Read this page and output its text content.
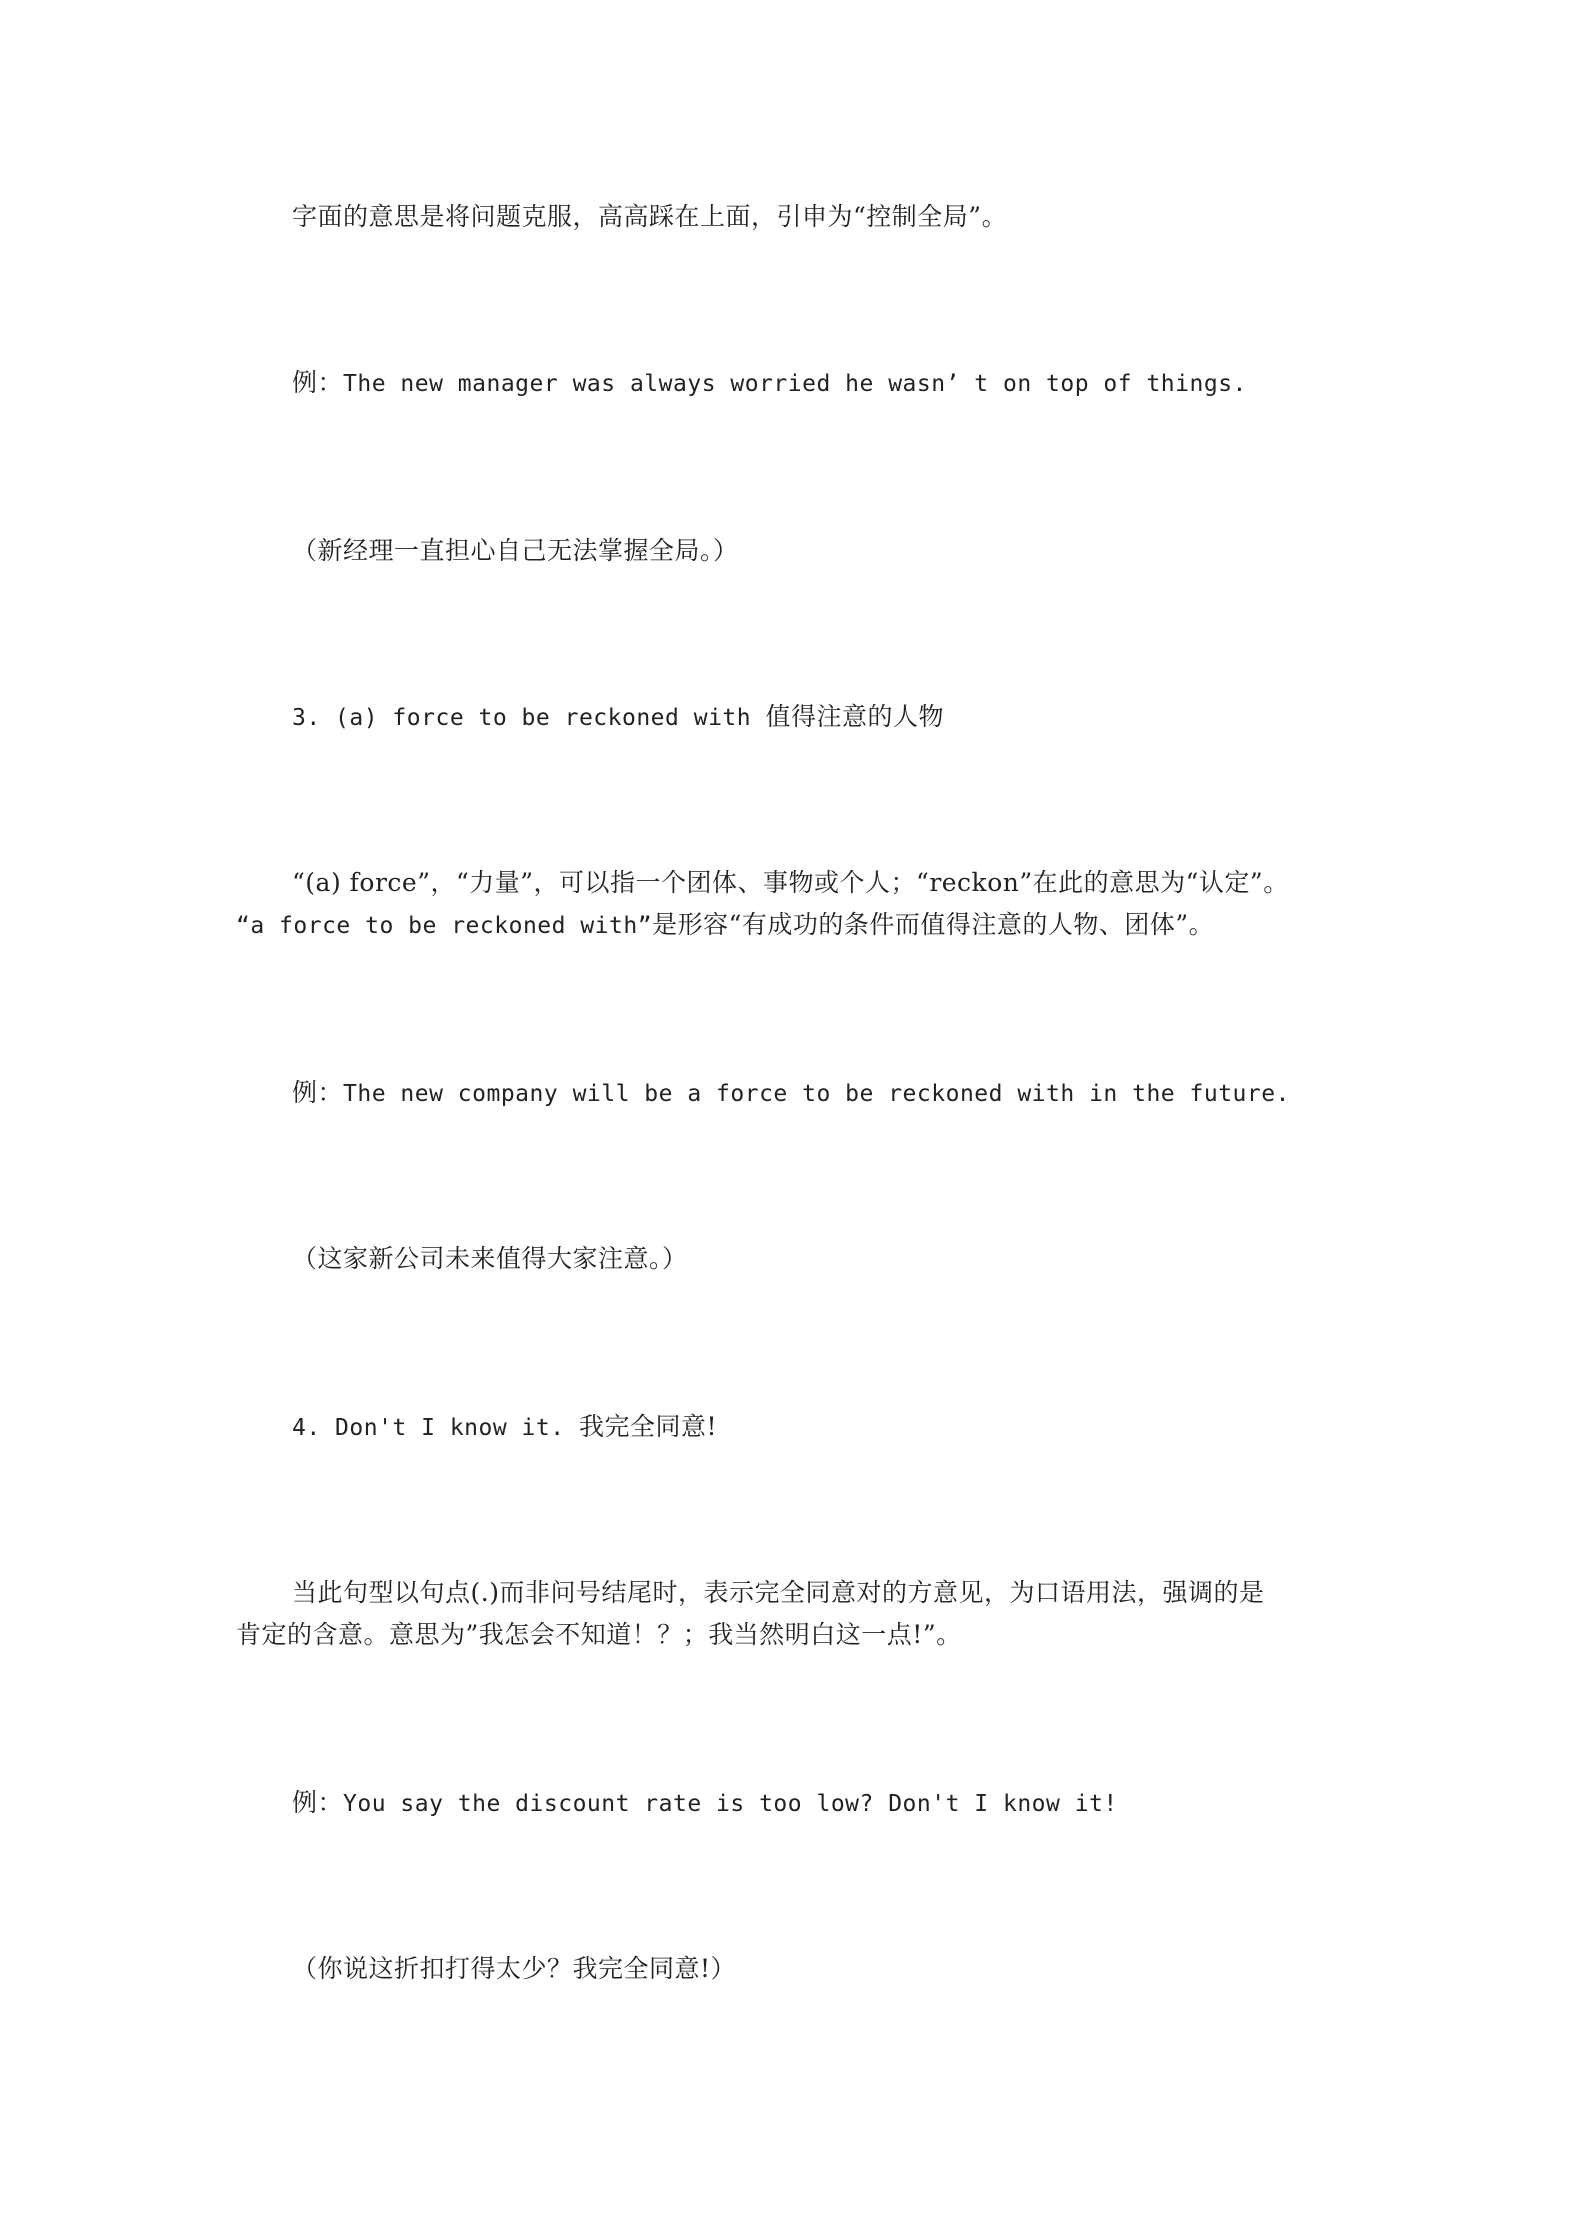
字面的意思是将问题克服，高高踩在上面，引申为“控制全局”。
例：The new manager was always worried he wasn’ t on top of things.
（新经理一直担心自己无法掌握全局。）
3. (a) force to be reckoned with 值得注意的人物
“(a) force”，“力量”，可以指一个团体、事物或个人；“reckon”在此的意思为“认定”。
“a force to be reckoned with”是形容“有成功的条件而值得注意的人物、团体”。
例：The new company will be a force to be reckoned with in the future.
（这家新公司未来值得大家注意。）
4. Don't I know it. 我完全同意!
当此句型以句点(.)而非问号结尾时，表示完全同意对的方意见，为口语用法，强调的是
肯定的含意。意思为”我怎会不知道！？；我当然明白这一点!”。
例：You say the discount rate is too low? Don't I know it!
（你说这折扣打得太少？我完全同意!）
